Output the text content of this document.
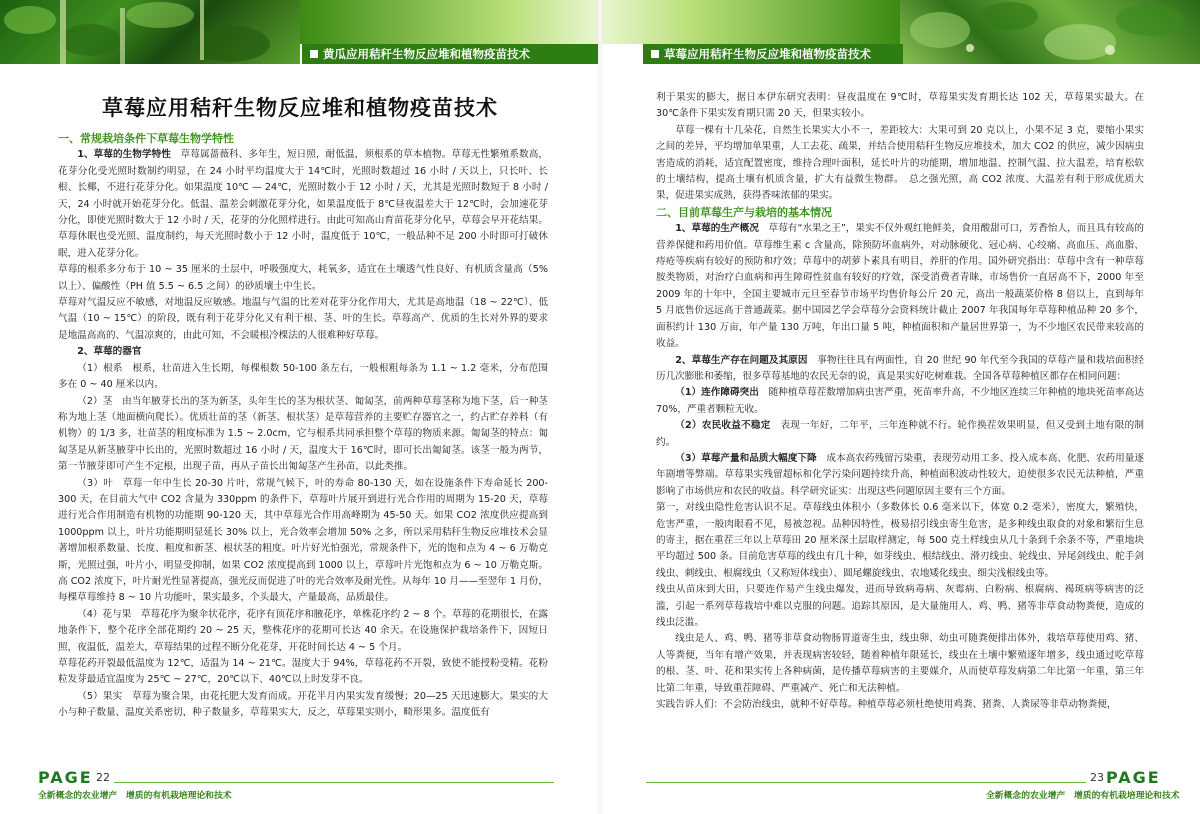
黄瓜应用秸秆生物反应堆和植物疫苗技术
草莓应用秸秆生物反应堆和植物疫苗技术

一、常规栽培条件下草莓生物学特性

1、草莓的生物学特性　 草莓属蔷薇科、多年生，短日照，耐低温，须根系的草本植物。草莓无性繁殖系数高，花芽分化受光照时数制约明显，在 24 小时平均温度大于 14℃时，光照时数超过 16 小时 / 天以上，只长叶、长根、长椰，不进行花芽分化。如果温度 10℃ — 24℃，光照时数小于 12 小时 / 天，尤其是光照时数短于 8 小时 / 天，24 小时就开始花芽分化。低温、温差会刺激花芽分化，如果温度低于 8℃昼夜温差大于 12℃时，会加速花芽分化，即使光照时数大于 12 小时 / 天，花芽的分化照样进行。由此可知高山育苗花芽分化早，草莓会早开花结果。草莓休眠也受光照、温度制约，每天光照时数小于 12 小时，温度低于 10℃，一般品种不足 200 小时即可打破休眠，进入花芽分化。

草莓的根系多分布于 10 ~ 35 厘米的土层中，呼吸强度大，耗氧多，适宜在土壤透气性良好、有机质含量高（5% 以上）、偏酸性（PH 值 5.5 ~ 6.5 之间）的砂质壤土中生长。

草莓对气温反应不敏感，对地温反应敏感。地温与气温的比差对花芽分化作用大，尤其是高地温（18 ~ 22℃）、低气温（10 ~ 15℃）的阶段，既有利于花芽分化又有利于根、茎、叶的生长。草莓高产、优质的生长对外界的要求是地温高高的、气温凉爽的，由此可知，不会暖根冷棵法的人很难种好草莓。

2、草莓的器官

（1）根系　根系，壮苗进入生长期，每棵根数 50-100 条左右，一般根粗每条为 1.1 ~ 1.2 毫米，分布范围多在 0 ~ 40 厘米以内。

（2）茎　由当年腋芽长出的茎为新茎，头年生长的茎为根状茎、匍匐茎，前两种草莓茎称为地下茎，后一种茎称为地上茎（地面横向爬长）。优质壮苗的茎（新茎、根状茎）是草莓营养的主要贮存器官之一，约占贮存养料（有机物）的 1/3 多，壮苗茎的粗度标准为 1.5 ~ 2.0cm，它与根系共同承担整个草莓的物质来源。匍匐茎的特点：匍匐茎是从新茎腋芽中长出的，光照时数超过 16 小时 / 天，温度大于 16℃时，即可长出匍匐茎。该茎一般为两节，第一节腋芽即可产生不定根，出现子苗，再从子苗长出匍匐茎产生孙苗，以此类推。

（3）叶　草莓一年中生长 20-30 片叶，常规气候下，叶的寿命 80-130 天，如在设施条件下寿命延长 200-300 天，在目前大气中 CO2 含量为 330ppm 的条件下，草莓叶片展开到进行光合作用的周期为 15-20 天，草莓进行光合作用制造有机物的功能期 90-120 天，其中草莓光合作用高峰期为 45-50 天。如果 CO2 浓度供应提高到 1000ppm 以上，叶片功能期明显延长 30% 以上，光合效率会增加 50% 之多，所以采用秸秆生物反应堆技术会显著增加根系数量、长度、粗度和新茎、根状茎的粗度。叶片好光怕强光，常规条件下，光的饱和点为 4 ~ 6 万勒克斯，光照过强，叶片小，明显受抑制，如果 CO2 浓度提高到 1000 以上，草莓叶片光饱和点为 6 ~ 10 万勒克斯。高 CO2 浓度下，叶片耐光性显著提高，强光反而促进了叶的光合效率及耐光性。从每年 10 月——至翌年 1 月份，每棵草莓维持 8 ~ 10 片功能叶，果实最多，个头最大，产量最高，品质最佳。

（4）花与果　草莓花序为聚伞状花序，花序有顶花序和腋花序，单株花序约 2 ~ 8 个。草莓的花期很长，在露地条件下，整个花序全部花期约 20 ~ 25 天，整株花序的花期可长达 40 余天。在设施保护栽培条件下，因短日照，夜温低，温差大，草莓结果的过程不断分化花芽，开花时间长达 4 ~ 5 个月。

草莓花药开裂最低温度为 12℃，适温为 14 ~ 21℃。湿度大于 94%，草莓花药不开裂，致使不能授粉受精。花粉粒发芽最适宜温度为 25℃ ~ 27℃，20℃以下、40℃以上时发芽不良。

（5）果实　草莓为聚合果，由花托肥大发育而成。开花半月内果实发育缓慢；20—25 天迅速膨大。果实的大小与种子数量、温度关系密切，种子数量多，草莓果实大，反之，草莓果实则小，畸形果多。温度低有

PAGE 22
全新概念的农业增产　 增质的有机栽培理论和技术
草莓应用秸秆生物反应堆和植物疫苗技术

利于果实的膨大，据日本伊东研究表明：昼夜温度在 9℃时，草莓果实发育期长达 102 天，草莓果实最大。在 30℃条件下果实发育期只需 20 天，但果实较小。

草莓一棵有十几朵花，自然生长果实大小不一，差距较大：大果可到 20 克以上，小果不足 3 克，要缩小果实之间的差异，平均增加单果重，人工去花、疏果，并结合使用秸秆生物反应堆技术，加大 CO2 的供应，减少因病虫害造成的消耗，适宜配置密度，维持合理叶面积，延长叶片的功能期，增加地温、控制气温、拉大温差，培育松软的土壤结构，提高土壤有机质含量，扩大有益微生物群。　总之强光照，高 CO2 浓度、大温差有利于形成优质大果，促进果实成熟，获得香味浓郁的果实。

二、目前草莓生产与栽培的基本情况

1、草莓的生产概况　 草莓有“水果之王”，果实不仅外观红艳鲜美，食用酸甜可口，芳香怡人，而且具有较高的营养保健和药用价值。草莓维生素 c 含量高，除预防坏血病外，对动脉硬化、冠心病、心绞痛、高血压、高血脂、痔疮等疾病有较好的预防和疗效；草莓中的胡萝卜素具有明目，养肝的作用。国外研究指出：草莓中含有一种草莓胺类物质，对治疗白血病和再生障碍性贫血有较好的疗效，深受消费者青睐，市场售价一直居高不下，2000 年至 2009 年的十年中，全国主要城市元旦至春节市场平均售价每公斤 20 元，高出一般蔬菜价格 8 倍以上，直到每年 5 月底售价远远高于普通蔬菜。据中国园艺学会草莓分会资料统计截止 2007 年我国每年草莓种植品种 20 多个，面积约计 130 万亩，年产量 130 万吨，年出口量 5 吨，种植面积和产量居世界第一，为不少地区农民带来较高的收益。

2、草莓生产存在问题及其原因　 事物往往具有两面性，自 20 世纪 90 年代至今我国的草莓产量和栽培面积经历几次膨胀和萎缩，很多草莓基地的农民无奈的说，真是果实好吃树难栽。全国各草莓种植区都存在相同问题：

（1）连作障碍突出　 随种植草莓茬数增加病虫害严重，死苗率升高，不少地区连续三年种植的地块死苗率高达 70%，严重者颗粒无收。

（2）农民收益不稳定　 表现一年好，二年平，三年连种就不行。轮作换茬效果明显，但又受到土地有限的制约。

（3）草莓产量和品质大幅度下降　 成本高农药残留污染重，表现劳动用工多、投入成本高、化肥、农药用量逐年剧增等弊端。草莓果实残留超标和化学污染问题持续升高，种植面积波动性较大，迫使很多农民无法种植，严重影响了市场供应和农民的收益。科学研究证实：出现这些问题原因主要有三个方面。

第一，对线虫隐性危害认识不足。草莓线虫体积小（多数体长 0.6 毫米以下，体宽 0.2 毫米），密度大，繁殖快，危害严重，一般肉眼看不见，易被忽视。品种因特性，极易招引线虫寄生危害，是多种线虫取食的对象和繁衍生息的寄主，据在重茬三年以上草莓田 20 厘米深土层取样测定，每 500 克土样线虫从几十条到千余条不等，严重地块平均超过 500 条。目前危害草莓的线虫有几十种，如芽线虫、根结线虫、滑刃线虫、轮线虫、异尾剑线虫、舵手剑线虫、刺线虫、根腐线虫（又称短体线虫）、圆尾螺旋线虫、农地矮化线虫、细尖浅根线虫等。

线虫从苗床到大田，只要连作易产生线虫爆发，进而导致病毒病、灰霉病、白粉病、根腐病、褐斑病等病害的泛滥，引起一系列草莓栽培中难以克服的问题。追踪其原因，是大量施用人、鸡、鸭、猪等非草食动物粪便，造成的线虫泛滥。

线虫是人、鸡、鸭、猪等非草食动物肠胃道寄生虫，线虫卵、幼虫可随粪便排出体外，栽培草莓使用鸡、猪、人等粪便，当年有增产效果，并表现病害较轻，随着种植年限延长，线虫在土壤中繁殖逐年增多，线虫通过吃草莓的根、茎、叶、花和果实传上各种病菌，是传播草莓病害的主要媒介，从而使草莓发病第二年比第一年重，第三年比第二年重，导致重茬障碍、严重减产、死亡和无法种植。

实践告诉人们：不会防治线虫，就种不好草莓。种植草莓必须杜绝使用鸡粪、猪粪、人粪尿等非草动物粪便，

23 PAGE
全新概念的农业增产　 增质的有机栽培理论和技术
